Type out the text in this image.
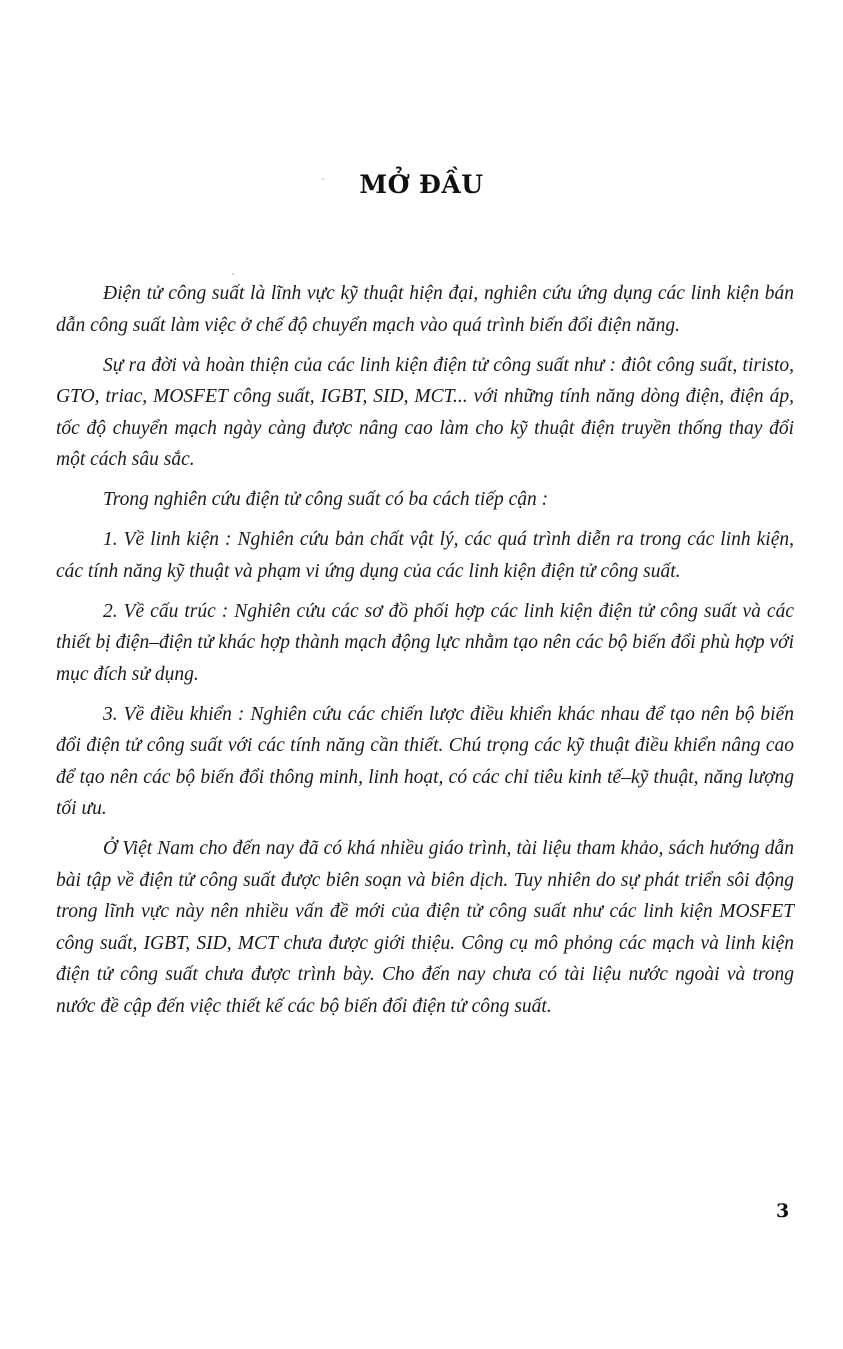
MỞ ĐẦU

Điện tử công suất là lĩnh vực kỹ thuật hiện đại, nghiên cứu ứng dụng các linh kiện bán dẫn công suất làm việc ở chế độ chuyển mạch vào quá trình biến đổi điện năng.

Sự ra đời và hoàn thiện của các linh kiện điện tử công suất như : điôt công suất, tiristo, GTO, triac, MOSFET công suất, IGBT, SID, MCT... với những tính năng dòng điện, điện áp, tốc độ chuyển mạch ngày càng được nâng cao làm cho kỹ thuật điện truyền thống thay đổi một cách sâu sắc.

Trong nghiên cứu điện tử công suất có ba cách tiếp cận :

1. Về linh kiện : Nghiên cứu bản chất vật lý, các quá trình diễn ra trong các linh kiện, các tính năng kỹ thuật và phạm vi ứng dụng của các linh kiện điện tử công suất.

2. Về cấu trúc : Nghiên cứu các sơ đồ phối hợp các linh kiện điện tử công suất và các thiết bị điện–điện tử khác hợp thành mạch động lực nhằm tạo nên các bộ biến đổi phù hợp với mục đích sử dụng.

3. Về điều khiển : Nghiên cứu các chiến lược điều khiển khác nhau để tạo nên bộ biến đổi điện tử công suất với các tính năng cần thiết. Chú trọng các kỹ thuật điều khiển nâng cao để tạo nên các bộ biến đổi thông minh, linh hoạt, có các chỉ tiêu kinh tế–kỹ thuật, năng lượng tối ưu.

Ở Việt Nam cho đến nay đã có khá nhiều giáo trình, tài liệu tham khảo, sách hướng dẫn bài tập về điện tử công suất được biên soạn và biên dịch. Tuy nhiên do sự phát triển sôi động trong lĩnh vực này nên nhiều vấn đề mới của điện tử công suất như các linh kiện MOSFET công suất, IGBT, SID, MCT chưa được giới thiệu. Công cụ mô phỏng các mạch và linh kiện điện tử công suất chưa được trình bày. Cho đến nay chưa có tài liệu nước ngoài và trong nước đề cập đến việc thiết kế các bộ biến đổi điện tử công suất.

3
